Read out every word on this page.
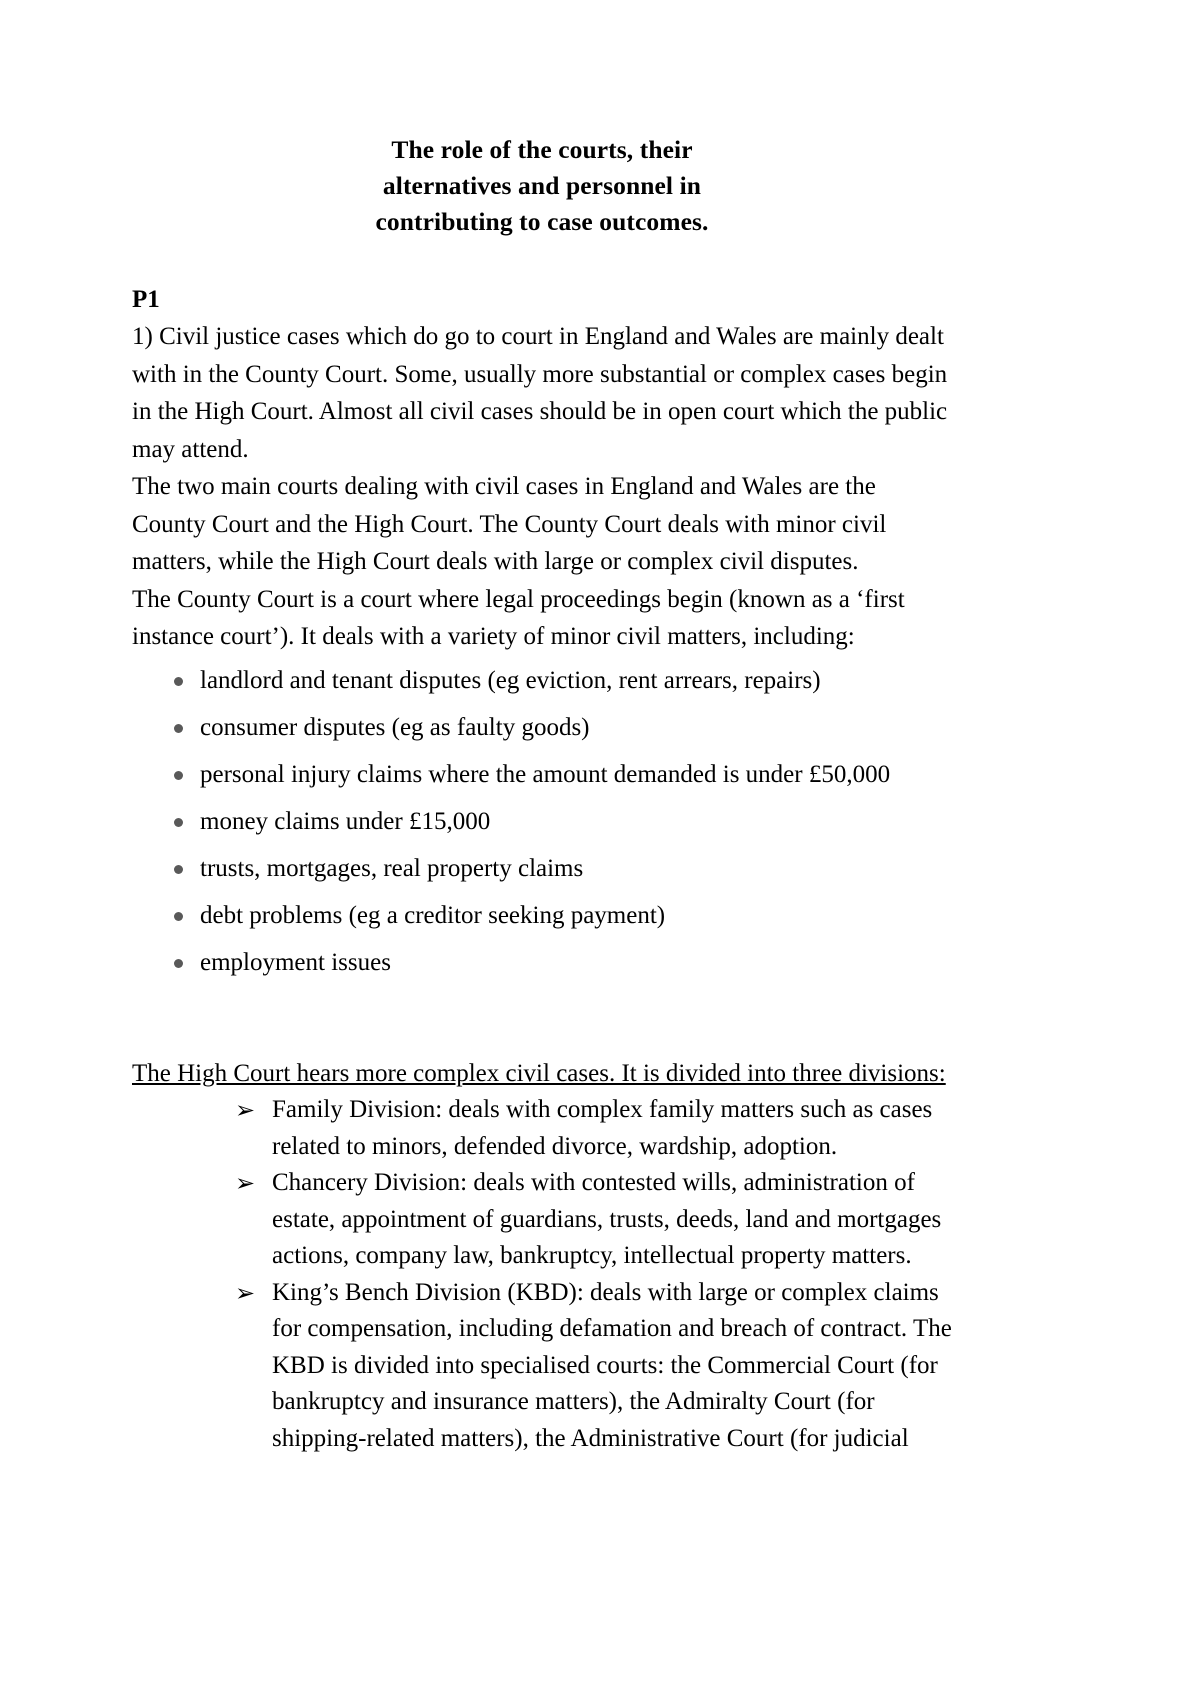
The role of the courts, their
alternatives and personnel in
contributing to case outcomes.
P1

1) Civil justice cases which do go to court in England and Wales are mainly dealt with in the County Court. Some, usually more substantial or complex cases begin in the High Court. Almost all civil cases should be in open court which the public may attend.

The two main courts dealing with civil cases in England and Wales are the County Court and the High Court. The County Court deals with minor civil matters, while the High Court deals with large or complex civil disputes.

The County Court is a court where legal proceedings begin (known as a ‘first instance court’). It deals with a variety of minor civil matters, including:

landlord and tenant disputes (eg eviction, rent arrears, repairs)
consumer disputes (eg as faulty goods)
personal injury claims where the amount demanded is under £50,000
money claims under £15,000
trusts, mortgages, real property claims
debt problems (eg a creditor seeking payment)
employment issues
The High Court hears more complex civil cases. It is divided into three divisions:
➢ Family Division: deals with complex family matters such as cases related to minors, defended divorce, wardship, adoption.
➢ Chancery Division: deals with contested wills, administration of estate, appointment of guardians, trusts, deeds, land and mortgages actions, company law, bankruptcy, intellectual property matters.
➢ King’s Bench Division (KBD): deals with large or complex claims for compensation, including defamation and breach of contract. The KBD is divided into specialised courts: the Commercial Court (for bankruptcy and insurance matters), the Admiralty Court (for shipping-related matters), the Administrative Court (for judicial
